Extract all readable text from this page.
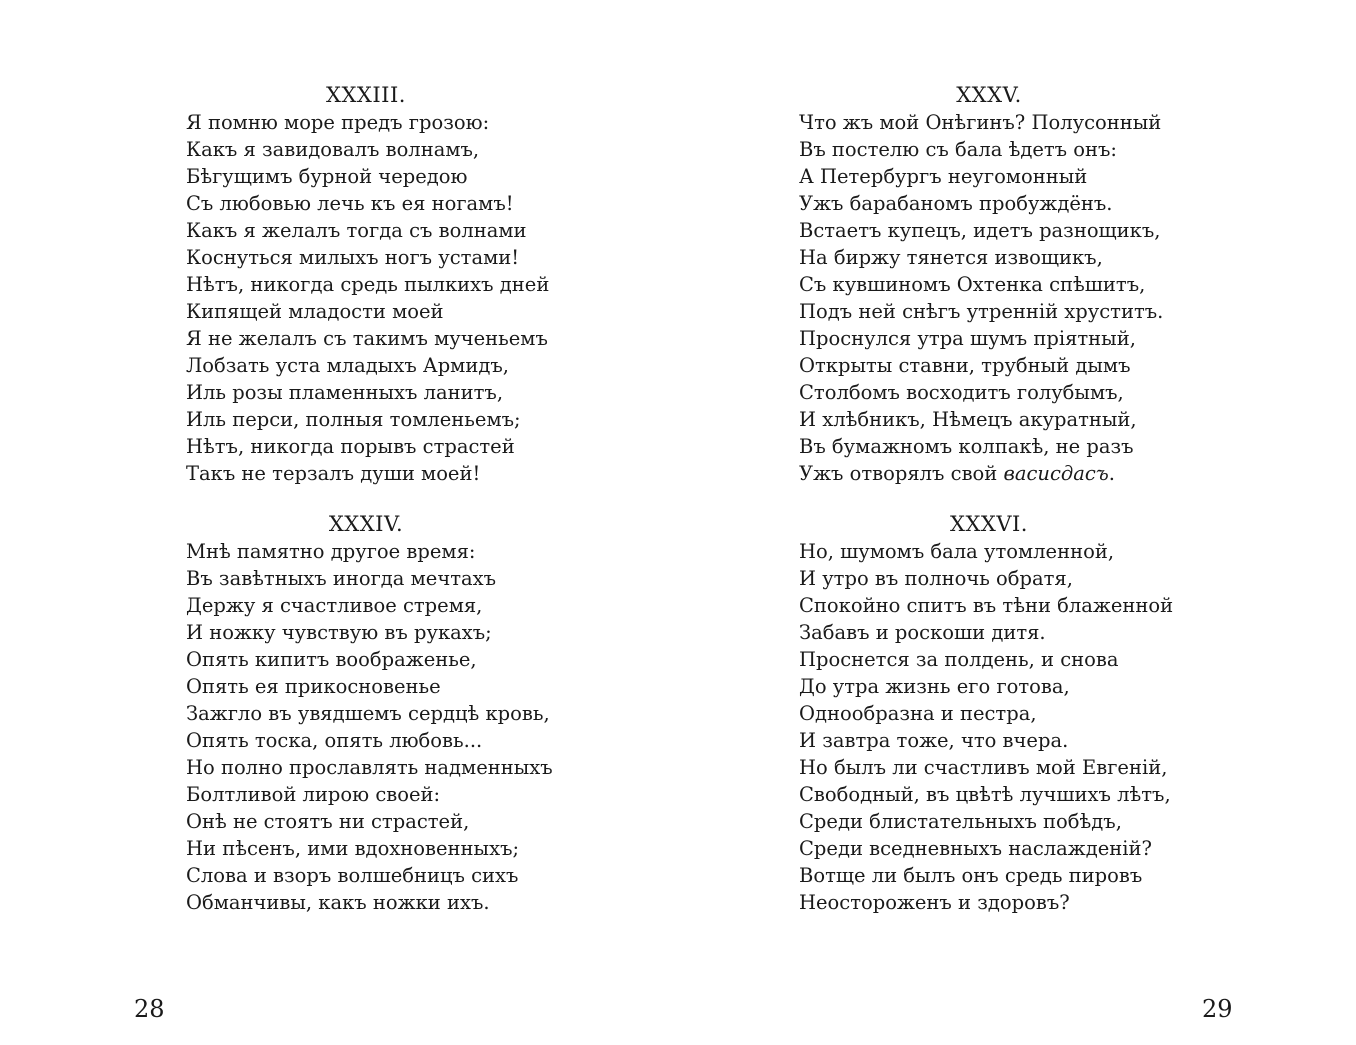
XXXIII.
Я помню море предъ грозою:
Какъ я завидовалъ волнамъ,
Бѣгущимъ бурной чередою
Съ любовью лечь къ ея ногамъ!
Какъ я желалъ тогда съ волнами
Коснуться милыхъ ногъ устами!
Нѣтъ, никогда средь пылкихъ дней
Кипящей младости моей
Я не желалъ съ такимъ мученьемъ
Лобзать уста младыхъ Армидъ,
Иль розы пламенныхъ ланитъ,
Иль перси, полныя томленьемъ;
Нѣтъ, никогда порывъ страстей
Такъ не терзалъ души моей!
XXXIV.
Мнѣ памятно другое время:
Въ завѣтныхъ иногда мечтахъ
Держу я счастливое стремя,
И ножку чувствую въ рукахъ;
Опять кипитъ воображенье,
Опять ея прикосновенье
Зажгло въ увядшемъ сердцѣ кровь,
Опять тоска, опять любовь...
Но полно прославлять надменныхъ
Болтливой лирою своей:
Онѣ не стоятъ ни страстей,
Ни пѣсенъ, ими вдохновенныхъ;
Слова и взоръ волшебницъ сихъ
Обманчивы, какъ ножки ихъ.
28
XXXV.
Что жъ мой Онѣгинъ? Полусонный
Въ постелю съ бала ѣдетъ онъ:
А Петербургъ неугомонный
Ужъ барабаномъ пробуждёнъ.
Встаетъ купецъ, идетъ разнощикъ,
На биржу тянется извощикъ,
Съ кувшиномъ Охтенка спѣшитъ,
Подъ ней снѣгъ утренній хруститъ.
Проснулся утра шумъ пріятный,
Открыты ставни, трубный дымъ
Столбомъ восходитъ голубымъ,
И хлѣбникъ, Нѣмецъ акуратный,
Въ бумажномъ колпакѣ, не разъ
Ужъ отворялъ свой васисдасъ.
XXXVI.
Но, шумомъ бала утомленной,
И утро въ полночь обратя,
Спокойно спитъ въ тѣни блаженной
Забавъ и роскоши дитя.
Проснется за полдень, и снова
До утра жизнь его готова,
Однообразна и пестра,
И завтра тоже, что вчера.
Но былъ ли счастливъ мой Евгеній,
Свободный, въ цвѣтѣ лучшихъ лѣтъ,
Среди блистательныхъ побѣдъ,
Среди вседневныхъ наслажденій?
Вотще ли былъ онъ средь пировъ
Неостороженъ и здоровъ?
29
